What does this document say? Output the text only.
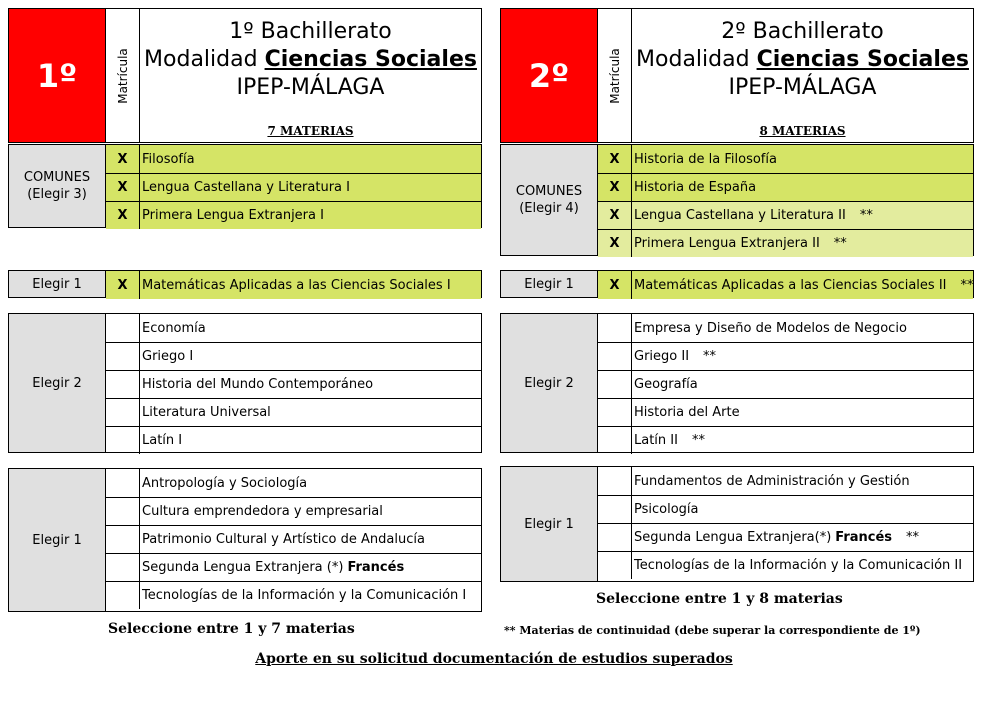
1º	Matrícula
1º Bachillerato
Modalidad Ciencias Sociales
IPEP-MÁLAGA
7 MATERIAS
COMUNES
(Elegir 3)
X	Filosofía
X	Lengua Castellana y Literatura I
X	Primera Lengua Extranjera I
Elegir 1	X	Matemáticas Aplicadas a las Ciencias Sociales I
Elegir 2
Economía
Griego I
Historia del Mundo Contemporáneo
Literatura Universal
Latín I
Elegir 1
Antropología y Sociología
Cultura emprendedora y empresarial
Patrimonio Cultural y Artístico de Andalucía
Segunda Lengua Extranjera (*) Francés
Tecnologías de la Información y la Comunicación I
2º	Matrícula
2º Bachillerato
Modalidad Ciencias Sociales
IPEP-MÁLAGA
8 MATERIAS
COMUNES
(Elegir 4)
X	Historia de la Filosofía
X	Historia de España
X	Lengua Castellana y Literatura II **
X	Primera Lengua Extranjera II **
Elegir 1	X	Matemáticas Aplicadas a las Ciencias Sociales II **
Elegir 2
Empresa y Diseño de Modelos de Negocio
Griego II **
Geografía
Historia del Arte
Latín II **
Elegir 1
Fundamentos de Administración y Gestión
Psicología
Segunda Lengua Extranjera(*) Francés **
Tecnologías de la Información y la Comunicación II
Seleccione entre 1 y 7 materias
Seleccione entre 1 y 8 materias
** Materias de continuidad (debe superar la correspondiente de 1º)
Aporte en su solicitud documentación de estudios superados
